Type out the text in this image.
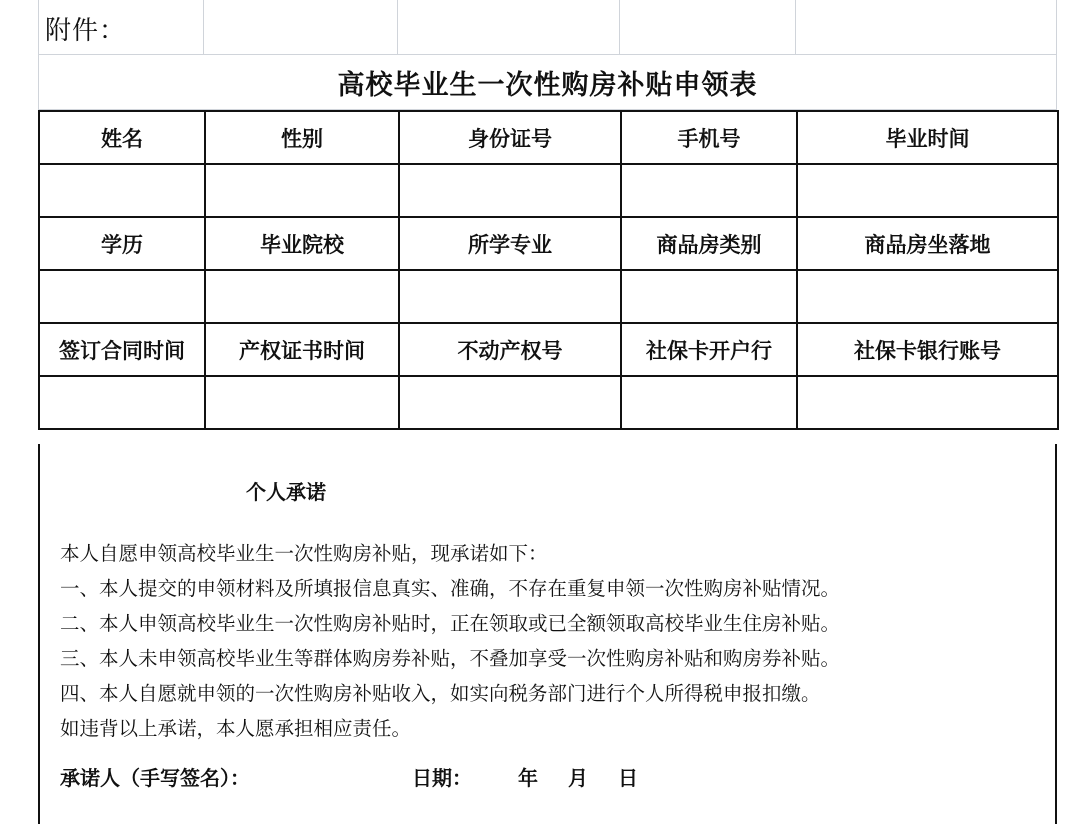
附件：
高校毕业生一次性购房补贴申领表
姓名	性别	身份证号	手机号	毕业时间

学历	毕业院校	所学专业	商品房类别	商品房坐落地

签订合同时间	产权证书时间	不动产权号	社保卡开户行	社保卡银行账号

个人承诺
本人自愿申领高校毕业生一次性购房补贴，现承诺如下：
一、本人提交的申领材料及所填报信息真实、准确，不存在重复申领一次性购房补贴情况。
二、本人申领高校毕业生一次性购房补贴时，正在领取或已全额领取高校毕业生住房补贴。
三、本人未申领高校毕业生等群体购房券补贴，不叠加享受一次性购房补贴和购房券补贴。
四、本人自愿就申领的一次性购房补贴收入，如实向税务部门进行个人所得税申报扣缴。
如违背以上承诺，本人愿承担相应责任。
承诺人（手写签名）：	日期： 年 月 日
